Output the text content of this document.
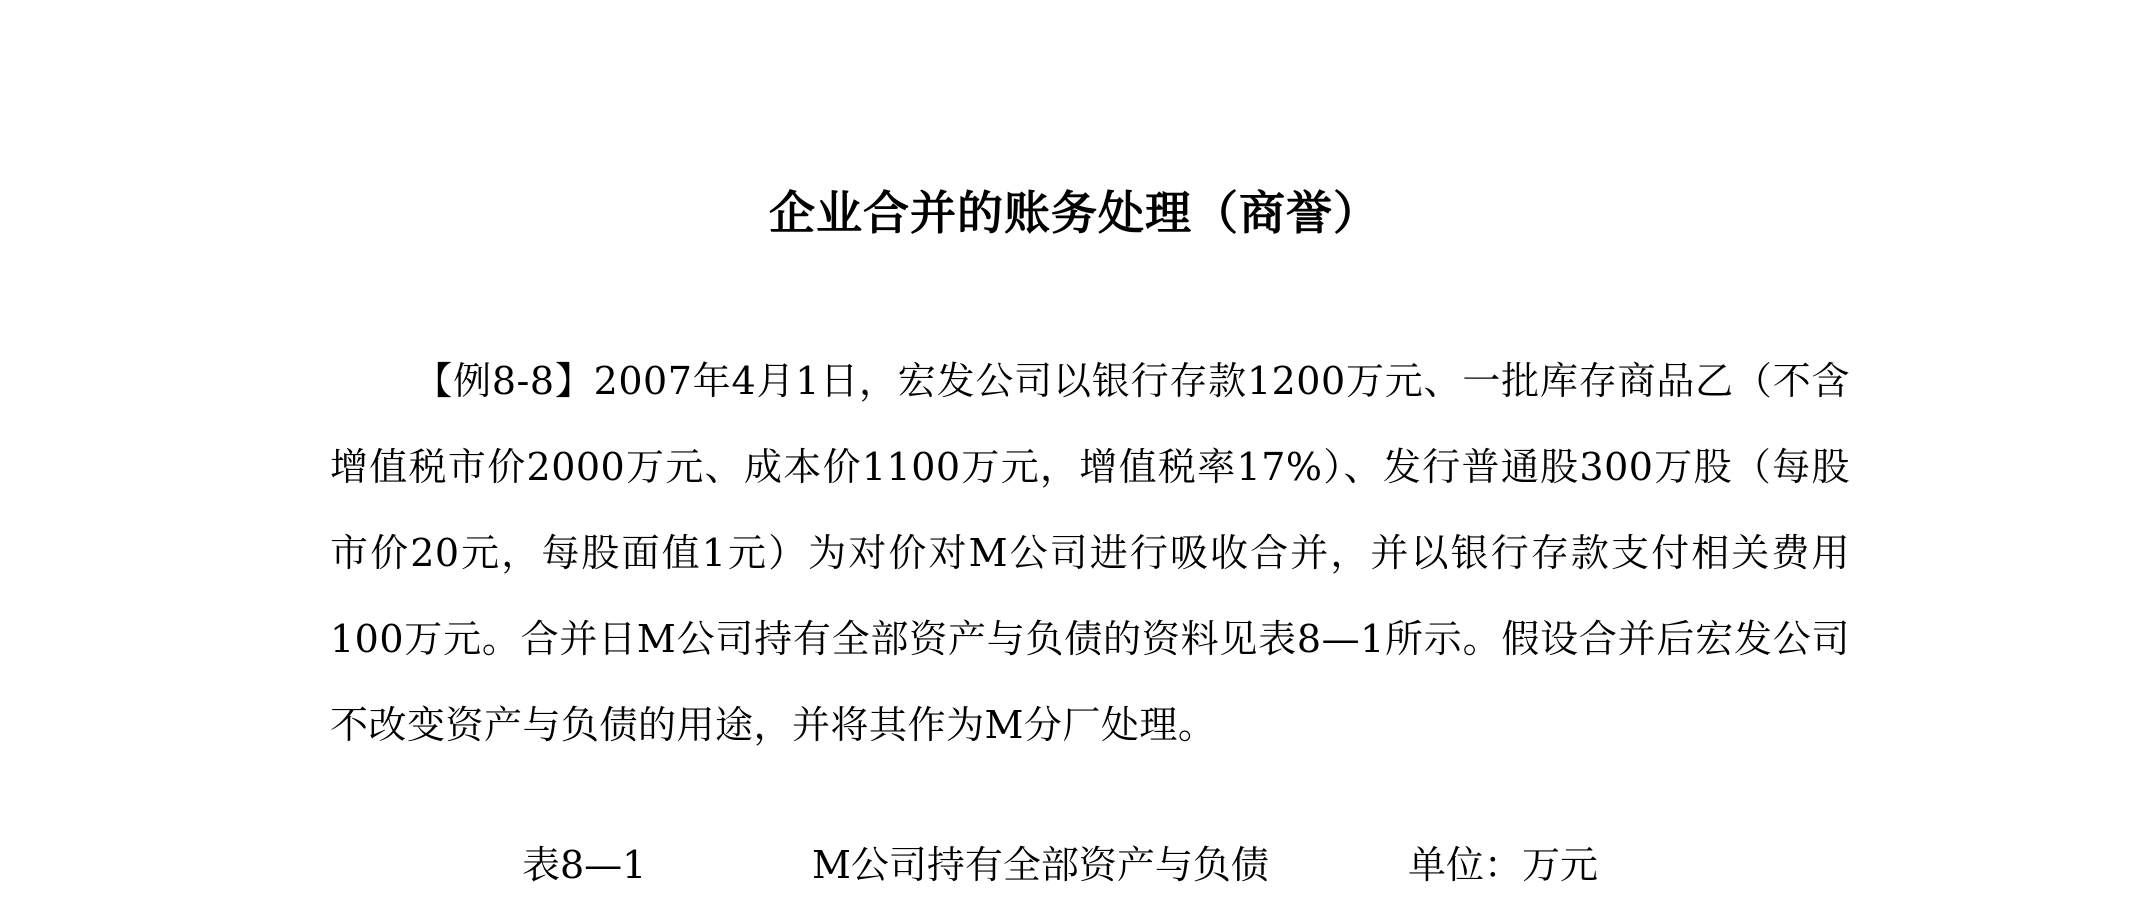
企业合并的账务处理（商誉）
【例8-8】2007年4月1日，宏发公司以银行存款1200万元、一批库存商品乙（不含增值税市价2000万元、成本价1100万元，增值税率17%）、发行普通股300万股（每股市价20元，每股面值1元）为对价对M公司进行吸收合并，并以银行存款支付相关费用100万元。合并日M公司持有全部资产与负债的资料见表8—1所示。假设合并后宏发公司不改变资产与负债的用途，并将其作为M分厂处理。
表8—1	M公司持有全部资产与负债	单位：万元
